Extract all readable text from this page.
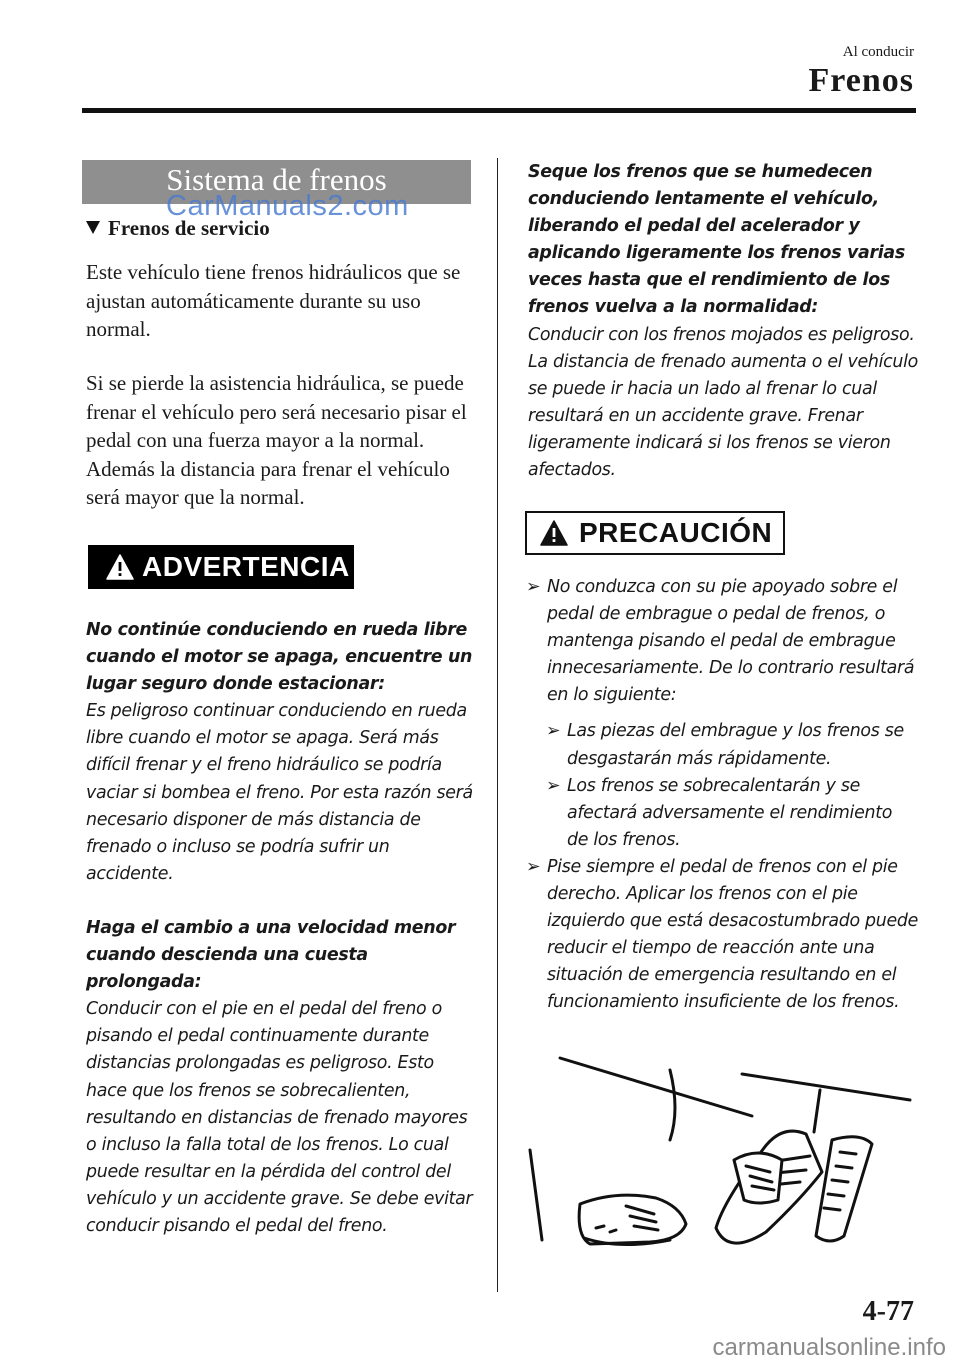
Al conducir
Frenos
Sistema de frenos
CarManuals2.com
Frenos de servicio
Este vehículo tiene frenos hidráulicos que se ajustan automáticamente durante su uso normal.
Si se pierde la asistencia hidráulica, se puede frenar el vehículo pero será necesario pisar el pedal con una fuerza mayor a la normal. Además la distancia para frenar el vehículo será mayor que la normal.
ADVERTENCIA
No continúe conduciendo en rueda libre cuando el motor se apaga, encuentre un lugar seguro donde estacionar:
Es peligroso continuar conduciendo en rueda libre cuando el motor se apaga. Será más difícil frenar y el freno hidráulico se podría vaciar si bombea el freno. Por esta razón será necesario disponer de más distancia de frenado o incluso se podría sufrir un accidente.
Haga el cambio a una velocidad menor cuando descienda una cuesta prolongada:
Conducir con el pie en el pedal del freno o pisando el pedal continuamente durante distancias prolongadas es peligroso. Esto hace que los frenos se sobrecalienten, resultando en distancias de frenado mayores o incluso la falla total de los frenos. Lo cual puede resultar en la pérdida del control del vehículo y un accidente grave. Se debe evitar conducir pisando el pedal del freno.
Seque los frenos que se humedecen conduciendo lentamente el vehículo, liberando el pedal del acelerador y aplicando ligeramente los frenos varias veces hasta que el rendimiento de los frenos vuelva a la normalidad:
Conducir con los frenos mojados es peligroso. La distancia de frenado aumenta o el vehículo se puede ir hacia un lado al frenar lo cual resultará en un accidente grave. Frenar ligeramente indicará si los frenos se vieron afectados.
PRECAUCIÓN
➢ No conduzca con su pie apoyado sobre el pedal de embrague o pedal de frenos, o mantenga pisando el pedal de embrague innecesariamente. De lo contrario resultará en lo siguiente:
➢ Las piezas del embrague y los frenos se desgastarán más rápidamente.
➢ Los frenos se sobrecalentarán y se afectará adversamente el rendimiento de los frenos.
➢ Pise siempre el pedal de frenos con el pie derecho. Aplicar los frenos con el pie izquierdo que está desacostumbrado puede reducir el tiempo de reacción ante una situación de emergencia resultando en el funcionamiento insuficiente de los frenos.
4-77
carmanualsonline.info
